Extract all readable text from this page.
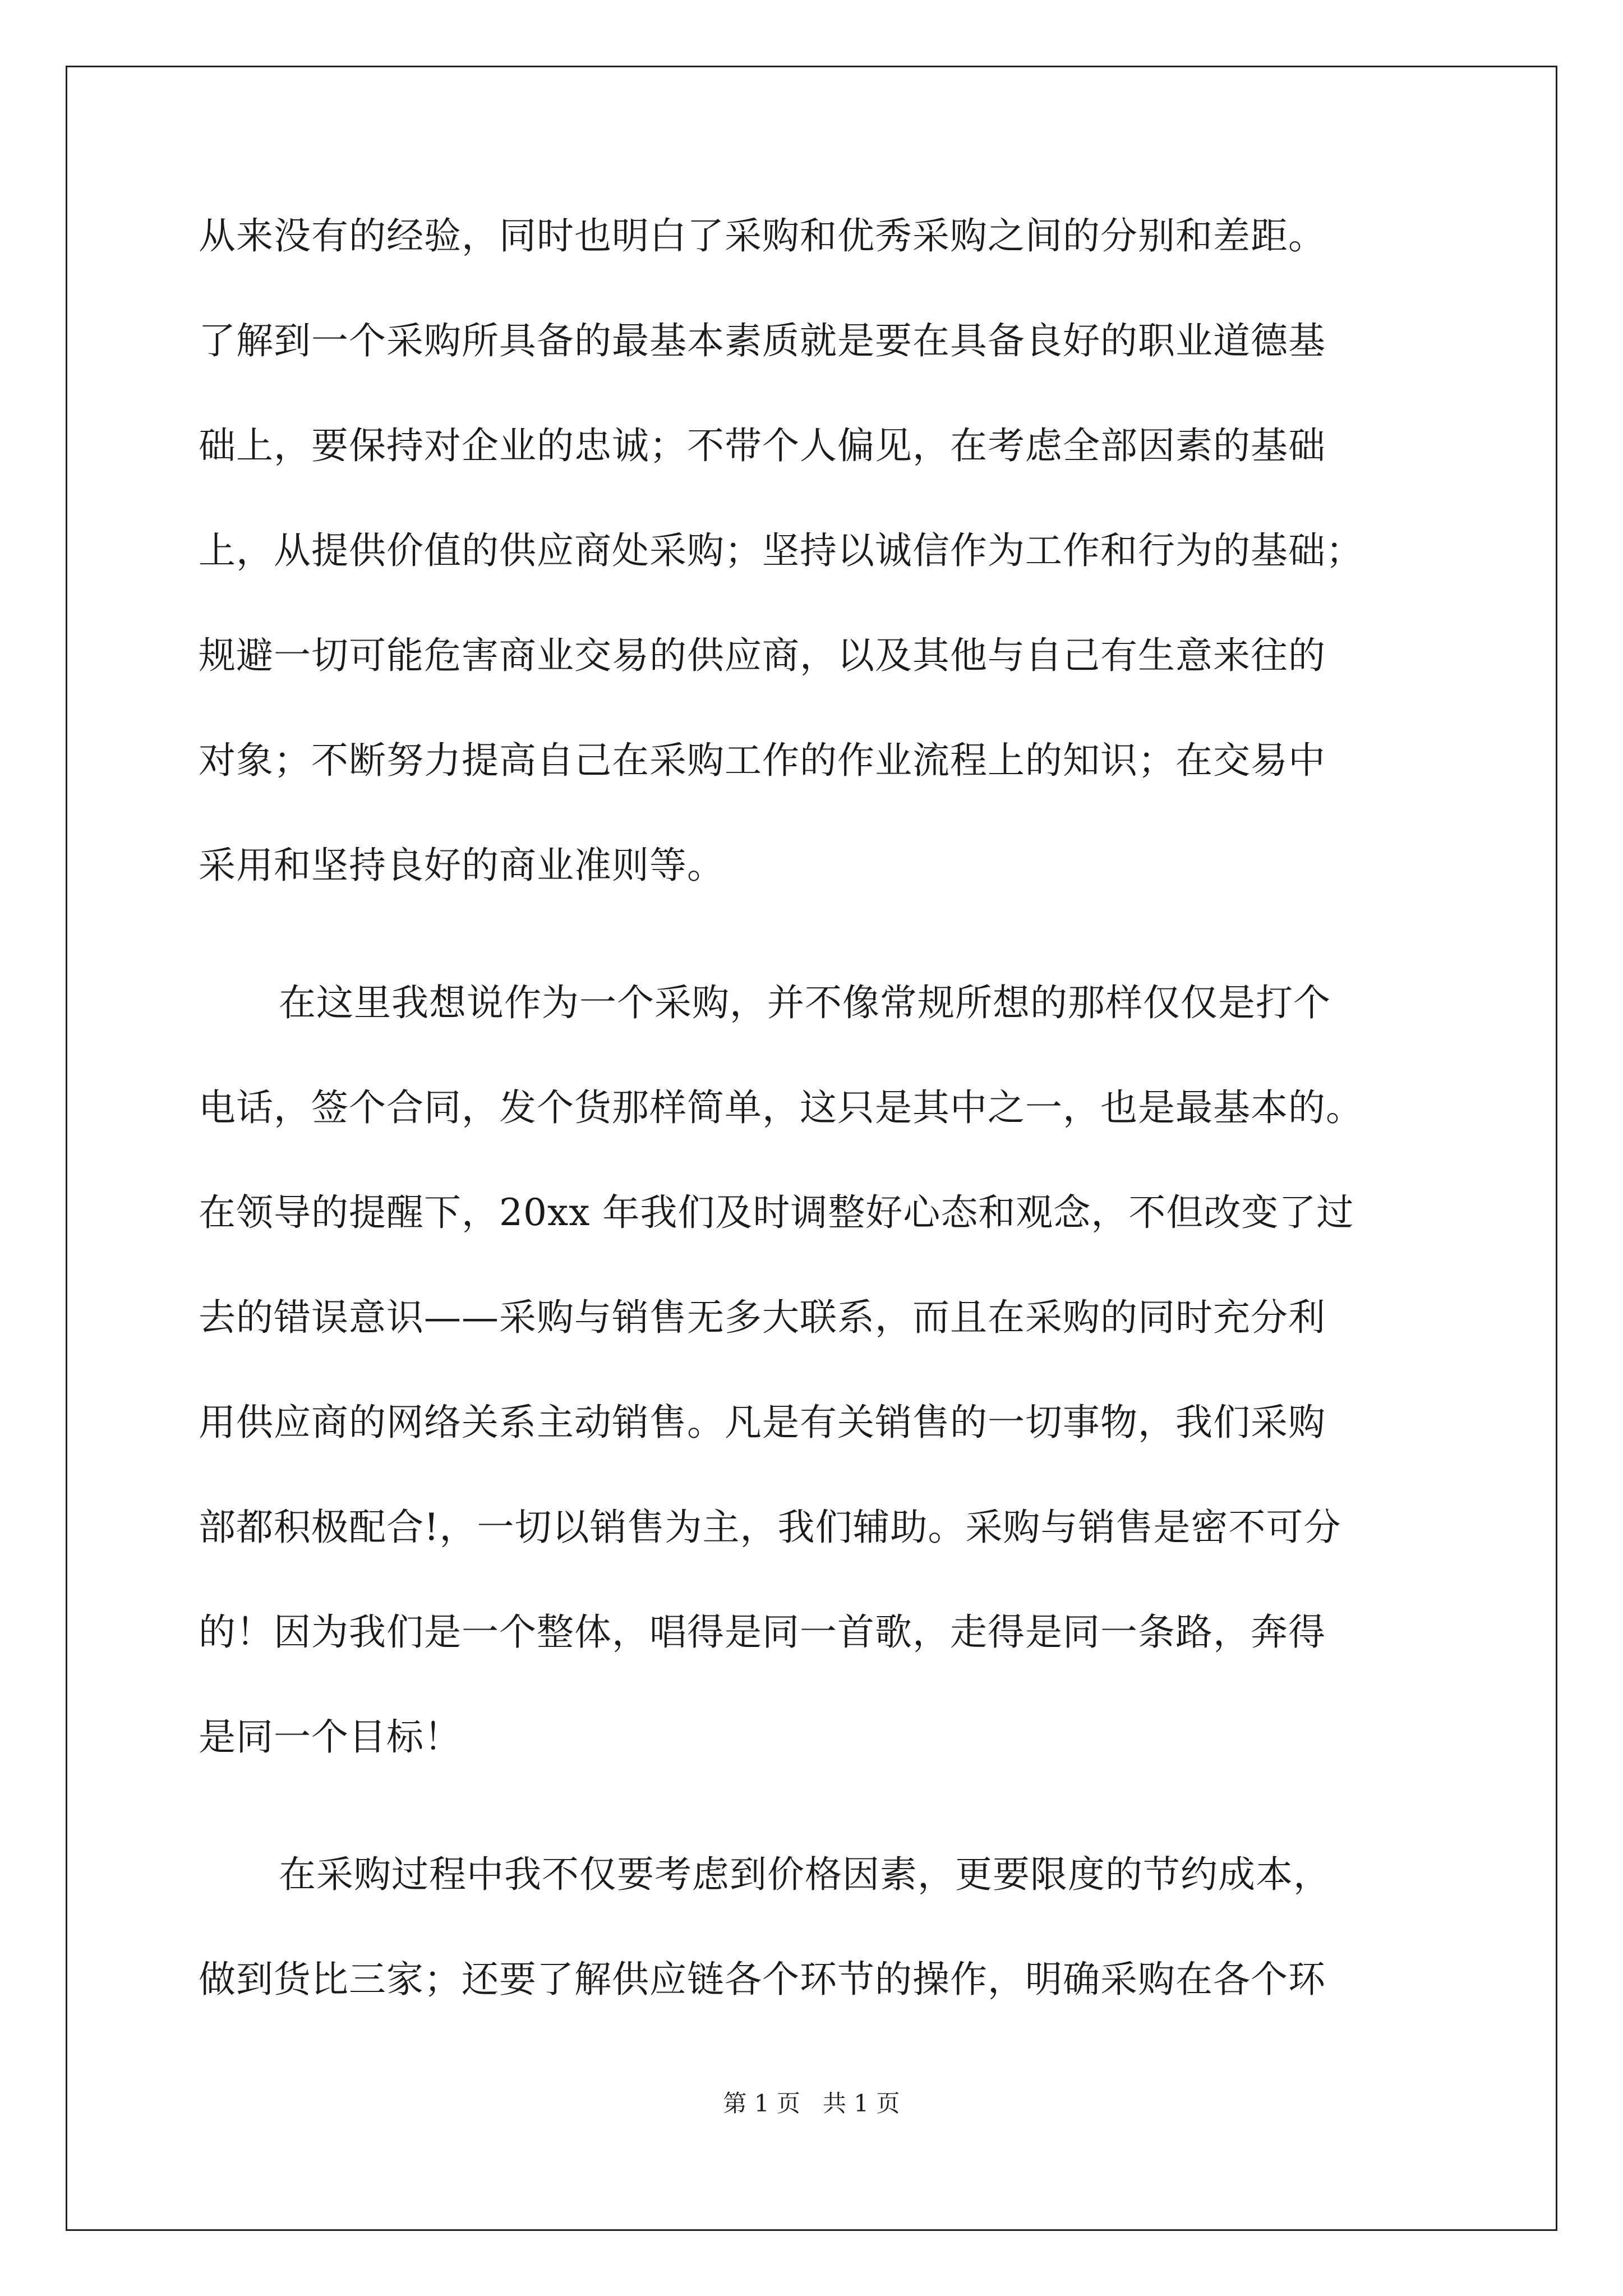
从来没有的经验，同时也明白了采购和优秀采购之间的分别和差距。
了解到一个采购所具备的最基本素质就是要在具备良好的职业道德基
础上，要保持对企业的忠诚；不带个人偏见，在考虑全部因素的基础
上，从提供价值的供应商处采购；坚持以诚信作为工作和行为的基础；
规避一切可能危害商业交易的供应商，以及其他与自己有生意来往的
对象；不断努力提高自己在采购工作的作业流程上的知识；在交易中
采用和坚持良好的商业准则等。
在这里我想说作为一个采购，并不像常规所想的那样仅仅是打个
电话，签个合同，发个货那样简单，这只是其中之一，也是最基本的。
在领导的提醒下，20xx 年我们及时调整好心态和观念，不但改变了过
去的错误意识——采购与销售无多大联系，而且在采购的同时充分利
用供应商的网络关系主动销售。凡是有关销售的一切事物，我们采购
部都积极配合!，一切以销售为主，我们辅助。采购与销售是密不可分
的！因为我们是一个整体，唱得是同一首歌，走得是同一条路，奔得
是同一个目标！
在采购过程中我不仅要考虑到价格因素，更要限度的节约成本，
做到货比三家；还要了解供应链各个环节的操作，明确采购在各个环
第 1 页   共 1 页
